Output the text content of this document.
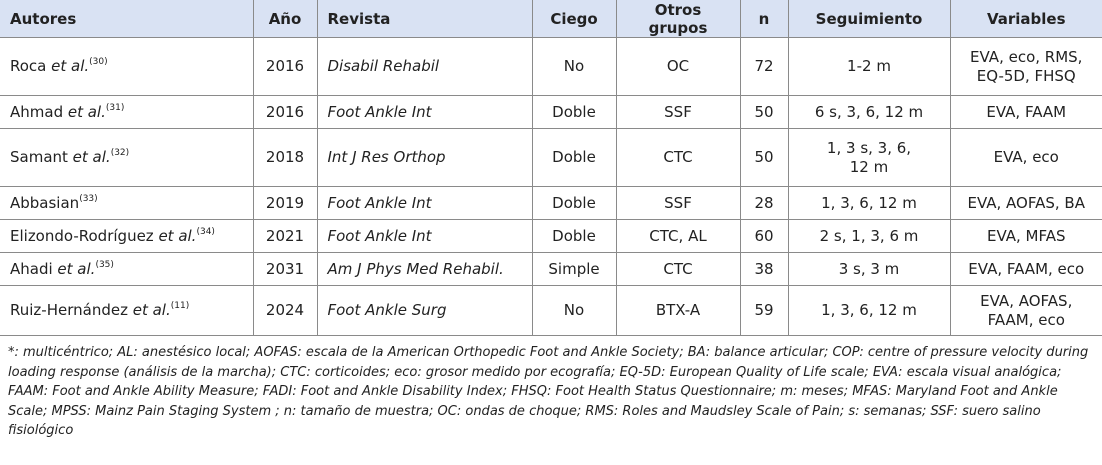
Autores	Año	Revista	Ciego	Otros grupos	n	Seguimiento	Variables
Roca et al.$^{(30)}$	2016	Disabil Rehabil	No	OC	72	1-2 m	EVA, eco, RMS, EQ-5D, FHSQ
Ahmad et al.$^{(31)}$	2016	Foot Ankle Int	Doble	SSF	50	6 s, 3, 6, 12 m	EVA, FAAM
Samant et al.$^{(32)}$	2018	Int J Res Orthop	Doble	CTC	50	1, 3 s, 3, 6, 12 m	EVA, eco
Abbasian$^{(33)}$	2019	Foot Ankle Int	Doble	SSF	28	1, 3, 6, 12 m	EVA, AOFAS, BA
Elizondo-Rodríguez et al.$^{(34)}$	2021	Foot Ankle Int	Doble	CTC, AL	60	2 s, 1, 3, 6 m	EVA, MFAS
Ahadi et al.$^{(35)}$	2031	Am J Phys Med Rehabil.	Simple	CTC	38	3 s, 3 m	EVA, FAAM, eco
Ruiz-Hernández et al.$^{(11)}$	2024	Foot Ankle Surg	No	BTX-A	59	1, 3, 6, 12 m	EVA, AOFAS, FAAM, eco
*: multicéntrico; AL: anestésico local; AOFAS: escala de la American Orthopedic Foot and Ankle Society; BA: balance articular; COP: centre of pressure velocity during loading response (análisis de la marcha); CTC: corticoides; eco: grosor medido por ecografía; EQ-5D: European Quality of Life scale; EVA: escala visual analógica; FAAM: Foot and Ankle Ability Measure; FADI: Foot and Ankle Disability Index; FHSQ: Foot Health Status Questionnaire; m: meses; MFAS: Maryland Foot and Ankle Scale; MPSS: Mainz Pain Staging System ; n: tamaño de muestra; OC: ondas de choque; RMS: Roles and Maudsley Scale of Pain; s: semanas; SSF: suero salino fisiológico
